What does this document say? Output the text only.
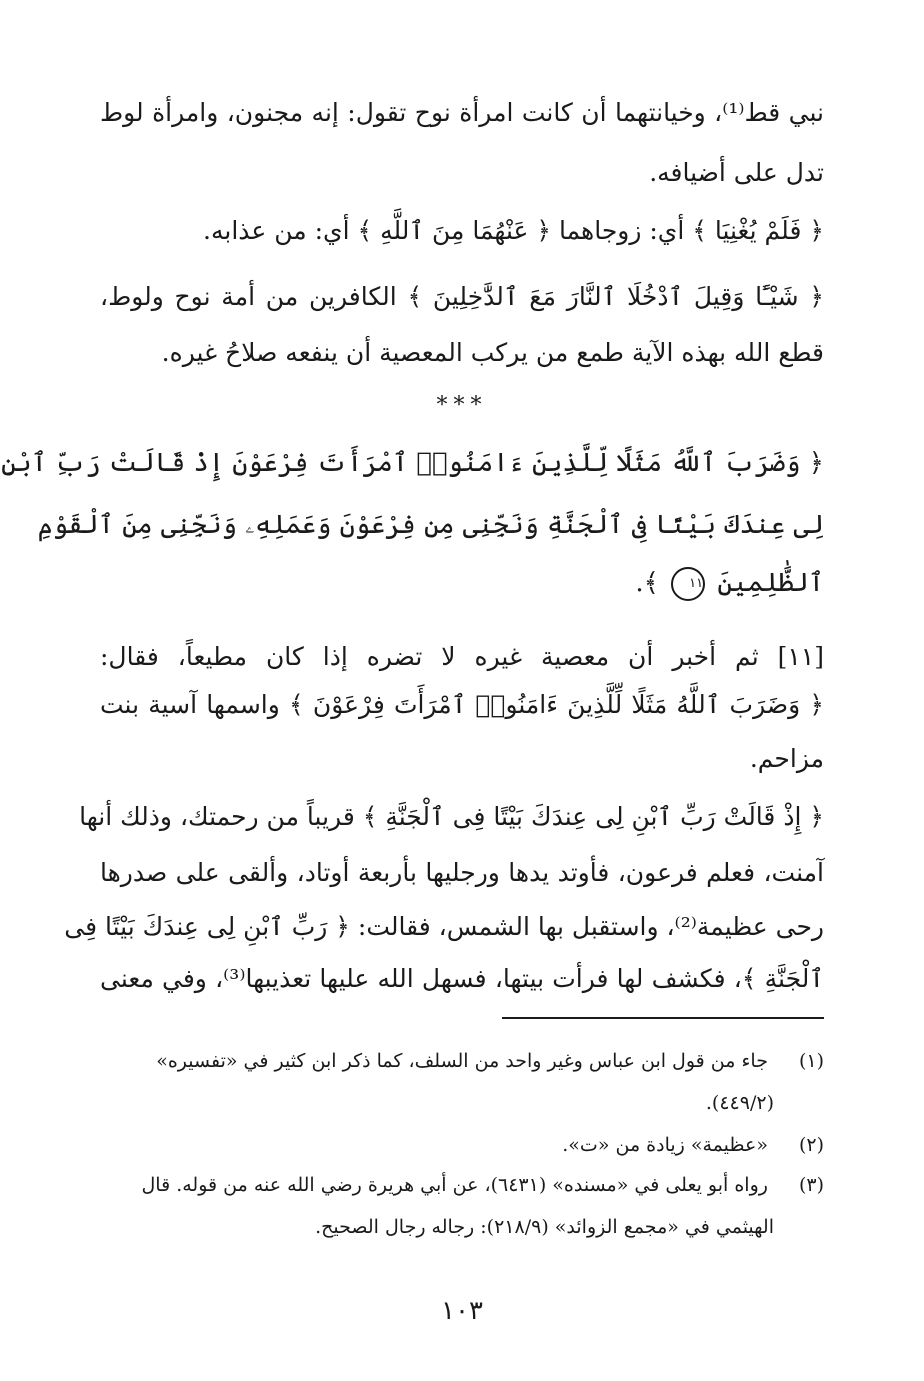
نبي قط⁽¹⁾، وخيانتهما أن كانت امرأة نوح تقول: إنه مجنون، وامرأة لوط
تدل على أضيافه.
﴿ فَلَمْ يُغْنِيَا ﴾ أي: زوجاهما ﴿ عَنْهُمَا مِنَ ٱللَّهِ ﴾ أي: من عذابه.
﴿ شَيْـًٔا وَقِيلَ ٱدْخُلَا ٱلنَّارَ مَعَ ٱلدَّٰخِلِينَ ﴾ الكافرين من أمة نوح ولوط،
قطع الله بهذه الآية طمع من يركب المعصية أن ينفعه صلاحُ غيره.
***
﴿ وَضَرَبَ ٱللَّهُ مَثَلًا لِّلَّذِينَ ءَامَنُوا۟ ٱمْرَأَتَ فِرْعَوْنَ إِذْ قَالَتْ رَبِّ ٱبْنِ
لِى عِندَكَ بَيْتًا فِى ٱلْجَنَّةِ وَنَجِّنِى مِن فِرْعَوْنَ وَعَمَلِهِۦ وَنَجِّنِى مِنَ ٱلْقَوْمِ
ٱلظَّٰلِمِينَ ١١ ﴾.
[١١] ثم أخبر أن معصية غيره لا تضره إذا كان مطيعاً، فقال:
﴿ وَضَرَبَ ٱللَّهُ مَثَلًا لِّلَّذِينَ ءَامَنُوا۟ ٱمْرَأَتَ فِرْعَوْنَ ﴾ واسمها آسية بنت
مزاحم.
﴿ إِذْ قَالَتْ رَبِّ ٱبْنِ لِى عِندَكَ بَيْتًا فِى ٱلْجَنَّةِ ﴾ قريباً من رحمتك، وذلك أنها
آمنت، فعلم فرعون، فأوتد يدها ورجليها بأربعة أوتاد، وألقى على صدرها
رحى عظيمة⁽²⁾، واستقبل بها الشمس، فقالت: ﴿ رَبِّ ٱبْنِ لِى عِندَكَ بَيْتًا فِى
ٱلْجَنَّةِ ﴾، فكشف لها فرأت بيتها، فسهل الله عليها تعذيبها⁽³⁾، وفي معنى
(١) جاء من قول ابن عباس وغير واحد من السلف، كما ذكر ابن كثير في «تفسيره»
(٤٤٩/٢).
(٢) «عظيمة» زيادة من «ت».
(٣) رواه أبو يعلى في «مسنده» (٦٤٣١)، عن أبي هريرة رضي الله عنه من قوله. قال
الهيثمي في «مجمع الزوائد» (٢١٨/٩): رجاله رجال الصحيح.
١٠٣
